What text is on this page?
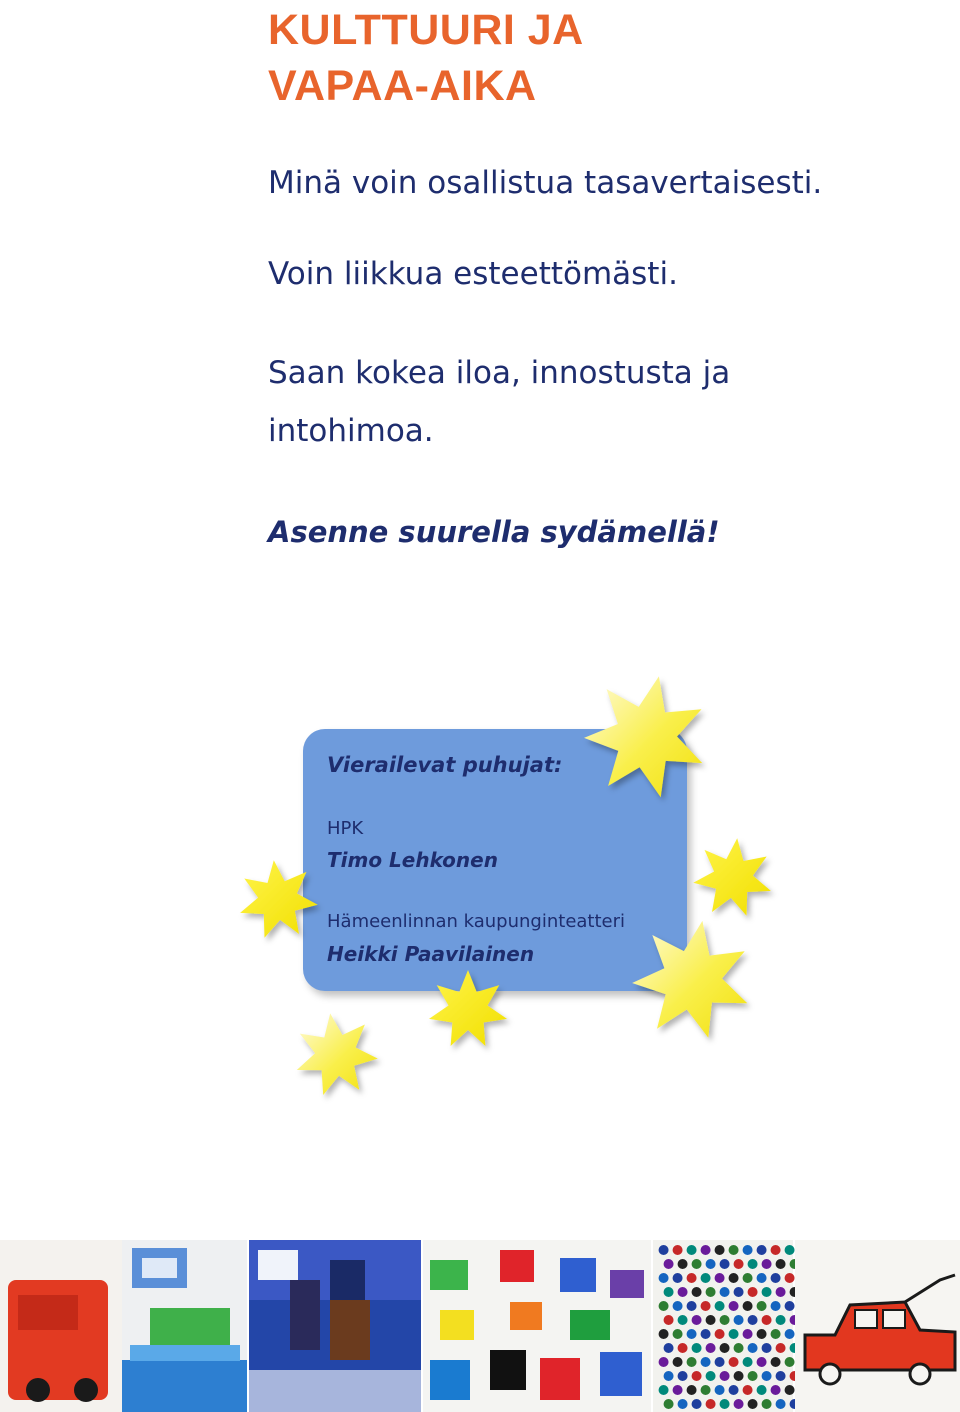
KULTTUURI JA
VAPAA-AIKA

Minä voin osallistua tasavertaisesti.

Voin liikkua esteettömästi.

Saan kokea iloa, innostusta ja intohimoa.

Asenne suurella sydämellä!

Vierailevat puhujat:

HPK

Timo Lehkonen

Hämeenlinnan kaupunginteatteri

Heikki Paavilainen
